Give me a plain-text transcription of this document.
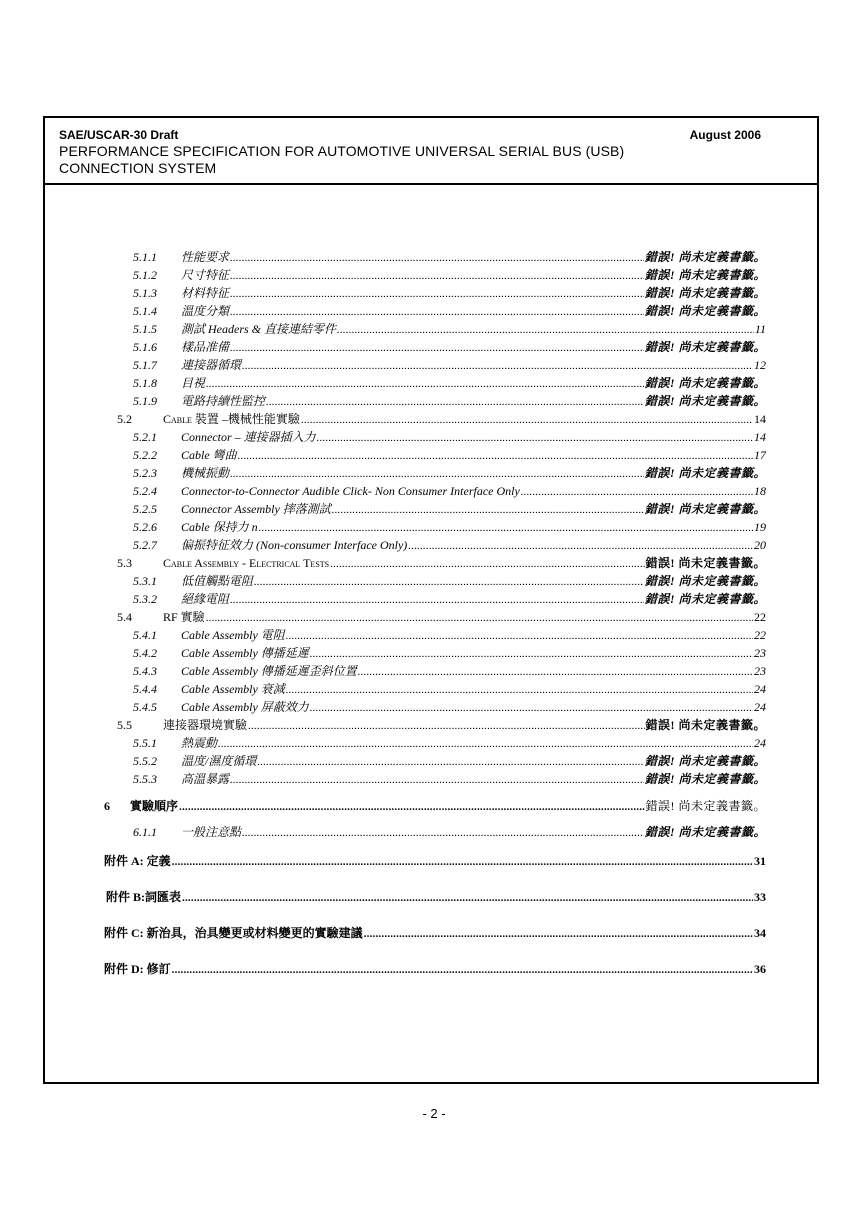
SAE/USCAR-30 Draft	August 2006
PERFORMANCE SPECIFICATION FOR AUTOMOTIVE UNIVERSAL SERIAL BUS (USB)
CONNECTION SYSTEM
5.1.1	性能要求 .....	錯誤! 尚未定義書籤。
5.1.2	尺寸特征 .....	錯誤! 尚未定義書籤。
5.1.3	材料特征 .....	錯誤! 尚未定義書籤。
5.1.4	溫度分類 .....	錯誤! 尚未定義書籤。
5.1.5	測試 Headers & 直接連結零件 .....	11
5.1.6	樣品准備 .....	錯誤! 尚未定義書籤。
5.1.7	連接器循環 .....	12
5.1.8	目視 .....	錯誤! 尚未定義書籤。
5.1.9	電路持續性監控 .....	錯誤! 尚未定義書籤。
5.2	Cable 裝置 –機械性能實驗 .....	14
5.2.1	Connector – 連接器插入力 .....	14
5.2.2	Cable 彎曲 .....	17
5.2.3	機械振動 .....	錯誤! 尚未定義書籤。
5.2.4	Connector-to-Connector Audible Click- Non Consumer Interface Only .....	18
5.2.5	Connector Assembly 摔落測試 .....	錯誤! 尚未定義書籤。
5.2.6	Cable 保持力 n .....	19
5.2.7	偏振特征效力 (Non-consumer Interface Only) .....	20
5.3	Cable Assembly - Electrical Tests .....	錯誤! 尚未定義書籤。
5.3.1	低值觸點電阻 .....	錯誤! 尚未定義書籤。
5.3.2	絕緣電阻 .....	錯誤! 尚未定義書籤。
5.4	RF 實驗 .....	22
5.4.1	Cable Assembly 電阻 .....	22
5.4.2	Cable Assembly 傳播延遲 .....	23
5.4.3	Cable Assembly 傳播延遲歪斜位置 .....	23
5.4.4	Cable Assembly 衰減 .....	24
5.4.5	Cable Assembly 屏蔽效力 .....	24
5.5	連接器環境實驗 .....	錯誤! 尚未定義書籤。
5.5.1	熱震動 .....	24
5.5.2	溫度/濕度循環 .....	錯誤! 尚未定義書籤。
5.5.3	高溫暴露 .....	錯誤! 尚未定義書籤。
6	實驗順序 .....	錯誤! 尚未定義書籤。
6.1.1	一般注意點 .....	錯誤! 尚未定義書籤。
附件 A: 定義 .....	31
附件 B:詞匯表 .....	33
附件 C: 新治具，治具變更或材料變更的實驗建議 .....	34
附件 D: 修訂 .....	36
- 2 -
